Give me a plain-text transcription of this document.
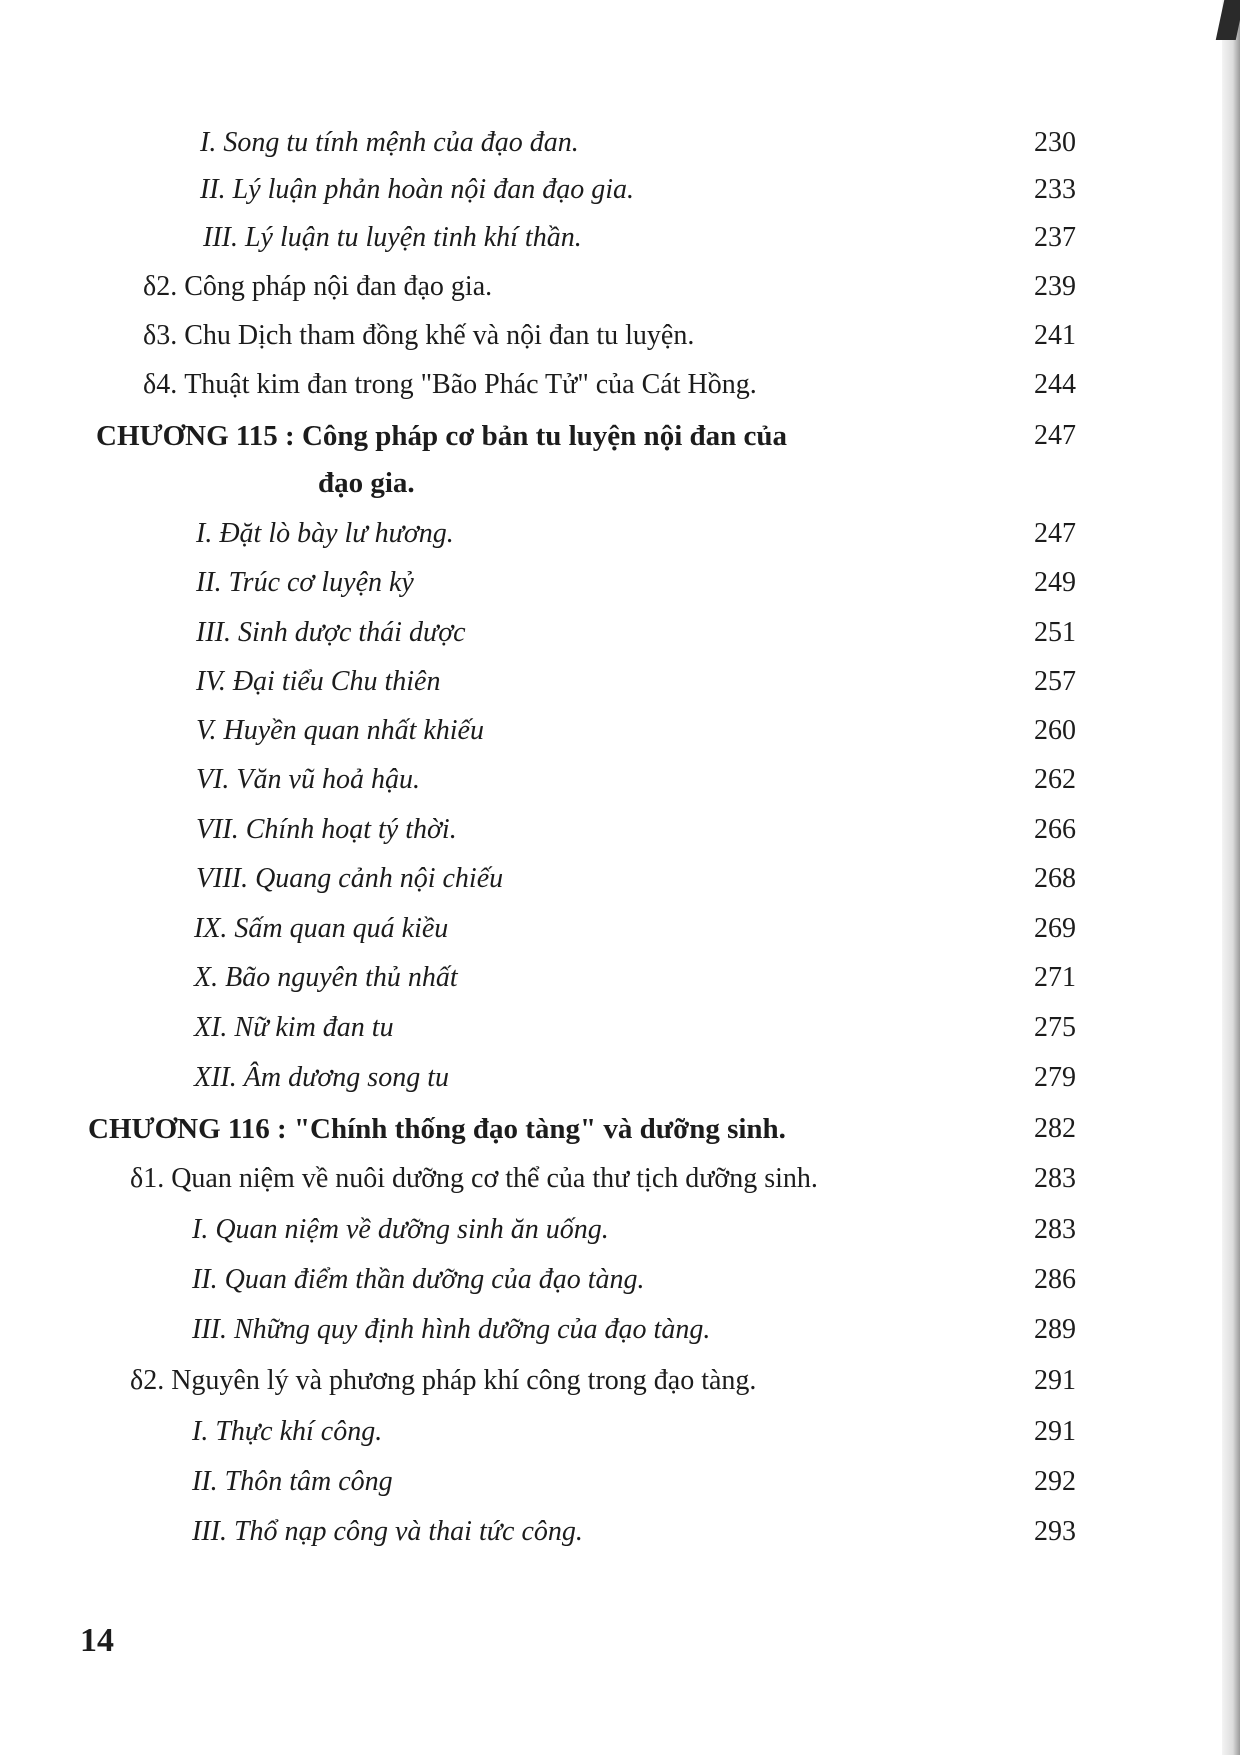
I. Song tu tính mệnh của đạo đan.	230
II. Lý luận phản hoàn nội đan đạo gia.	233
III. Lý luận tu luyện tinh khí thần.	237
δ2. Công pháp nội đan đạo gia.	239
δ3. Chu Dịch tham đồng khế và nội đan tu luyện.	241
δ4. Thuật kim đan trong "Bão Phác Tử" của Cát Hồng.	244
CHƯƠNG 115 : Công pháp cơ bản tu luyện nội đan của	247
đạo gia.
I. Đặt lò bày lư hương.	247
II. Trúc cơ luyện kỷ	249
III. Sinh dược thái dược	251
IV. Đại tiểu Chu thiên	257
V. Huyền quan nhất khiếu	260
VI. Văn vũ hoả hậu.	262
VII. Chính hoạt tý thời.	266
VIII. Quang cảnh nội chiếu	268
IX. Sấm quan quá kiều	269
X. Bão nguyên thủ nhất	271
XI. Nữ kim đan tu	275
XII. Âm dương song tu	279
CHƯƠNG 116 : "Chính thống đạo tàng" và dưỡng sinh.	282
δ1. Quan niệm về nuôi dưỡng cơ thể của thư tịch dưỡng sinh.	283
I. Quan niệm về dưỡng sinh ăn uống.	283
II. Quan điểm thần dưỡng của đạo tàng.	286
III. Những quy định hình dưỡng của đạo tàng.	289
δ2. Nguyên lý và phương pháp khí công trong đạo tàng.	291
I. Thực khí công.	291
II. Thôn tâm công	292
III. Thổ nạp công và thai tức công.	293
14
